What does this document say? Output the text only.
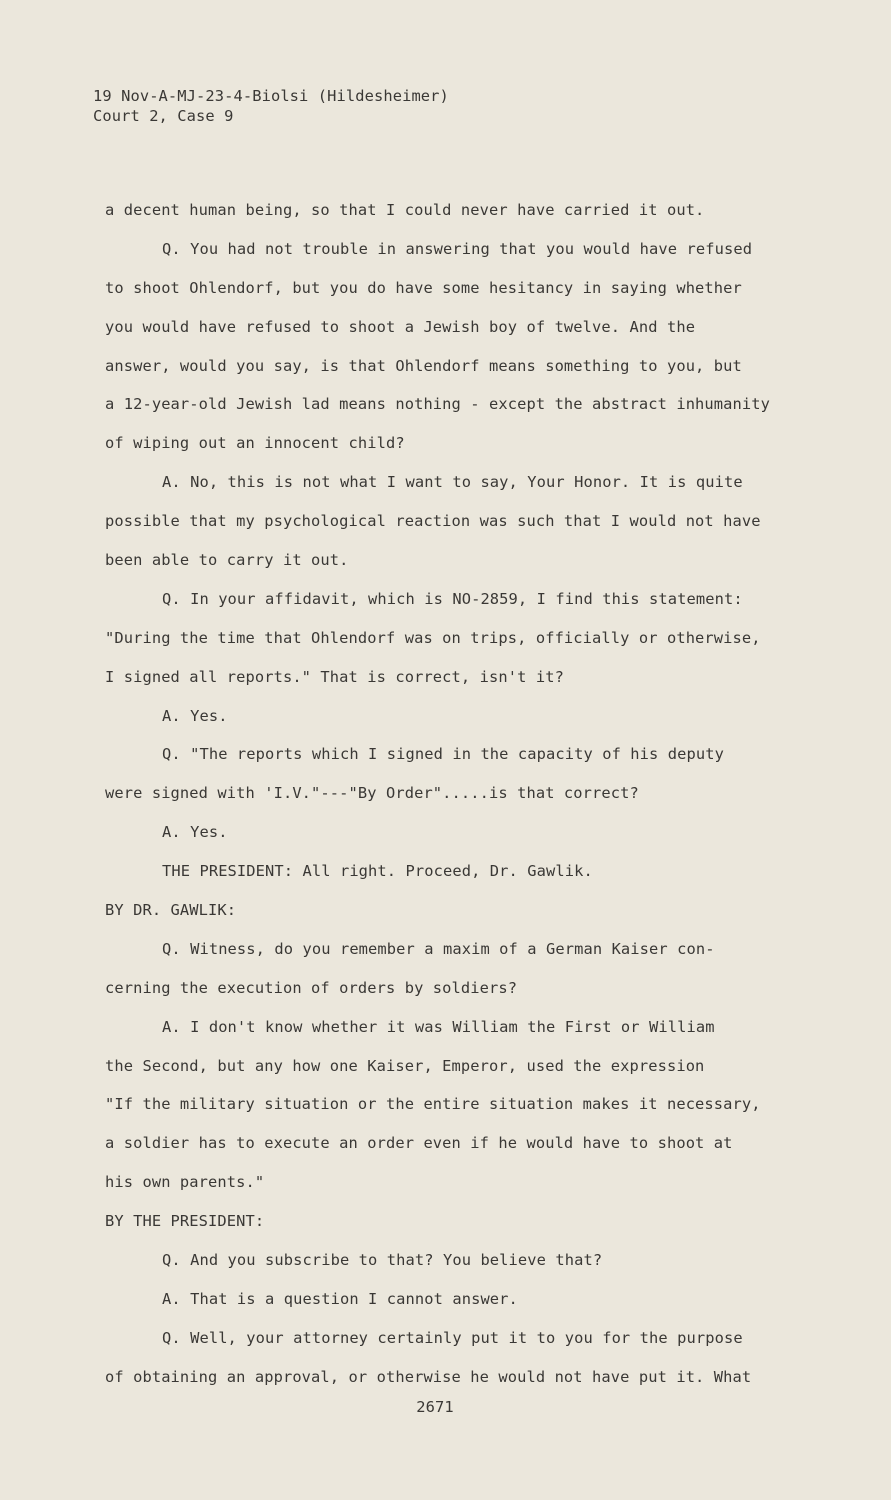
19 Nov-A-MJ-23-4-Biolsi (Hildesheimer)
Court 2, Case 9
a decent human being, so that I could never have carried it out.
Q. You had not trouble in answering that you would have refused
to shoot Ohlendorf, but you do have some hesitancy in saying whether
you would have refused to shoot a Jewish boy of twelve. And the
answer, would you say, is that Ohlendorf means something to you, but
a 12-year-old Jewish lad means nothing - except the abstract inhumanity
of wiping out an innocent child?
A. No, this is not what I want to say, Your Honor. It is quite
possible that my psychological reaction was such that I would not have
been able to carry it out.
Q. In your affidavit, which is NO-2859, I find this statement:
"During the time that Ohlendorf was on trips, officially or otherwise,
I signed all reports." That is correct, isn't it?
A. Yes.
Q. "The reports which I signed in the capacity of his deputy
were signed with 'I.V."---"By Order".....is that correct?
A. Yes.
THE PRESIDENT: All right. Proceed, Dr. Gawlik.
BY DR. GAWLIK:
Q. Witness, do you remember a maxim of a German Kaiser con-
cerning the execution of orders by soldiers?
A. I don't know whether it was William the First or William
the Second, but any how one Kaiser, Emperor, used the expression
"If the military situation or the entire situation makes it necessary,
a soldier has to execute an order even if he would have to shoot at
his own parents."
BY THE PRESIDENT:
Q. And you subscribe to that? You believe that?
A. That is a question I cannot answer.
Q. Well, your attorney certainly put it to you for the purpose
of obtaining an approval, or otherwise he would not have put it. What
2671
